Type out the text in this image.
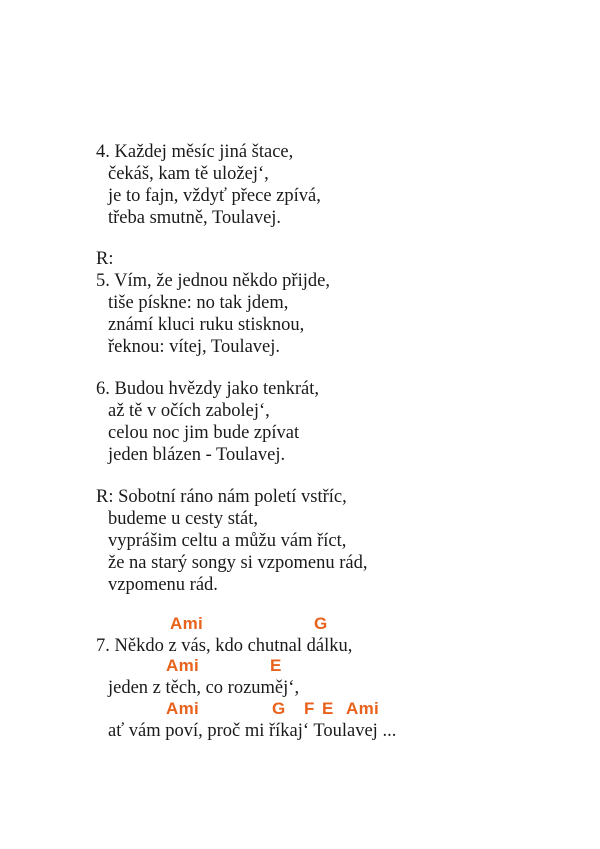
4. Každej měsíc jiná štace,
čekáš, kam tě uložej‘,
je to fajn, vždyť přece zpívá,
třeba smutně, Toulavej.
R:
5. Vím, že jednou někdo přijde,
tiše pískne: no tak jdem,
známí kluci ruku stisknou,
řeknou: vítej, Toulavej.
6. Budou hvězdy jako tenkrát,
až tě v očích zabolej‘,
celou noc jim bude zpívat
jeden blázen - Toulavej.
R: Sobotní ráno nám poletí vstříc,
budeme u cesty stát,
vyprášim celtu a můžu vám říct,
že na starý songy si vzpomenu rád,
vzpomenu rád.
Ami	G
7. Někdo z vás, kdo chutnal dálku,
Ami	E
jeden z těch, co rozuměj‘,
Ami	G F E Ami
ať vám poví, proč mi říkaj‘ Toulavej ...
